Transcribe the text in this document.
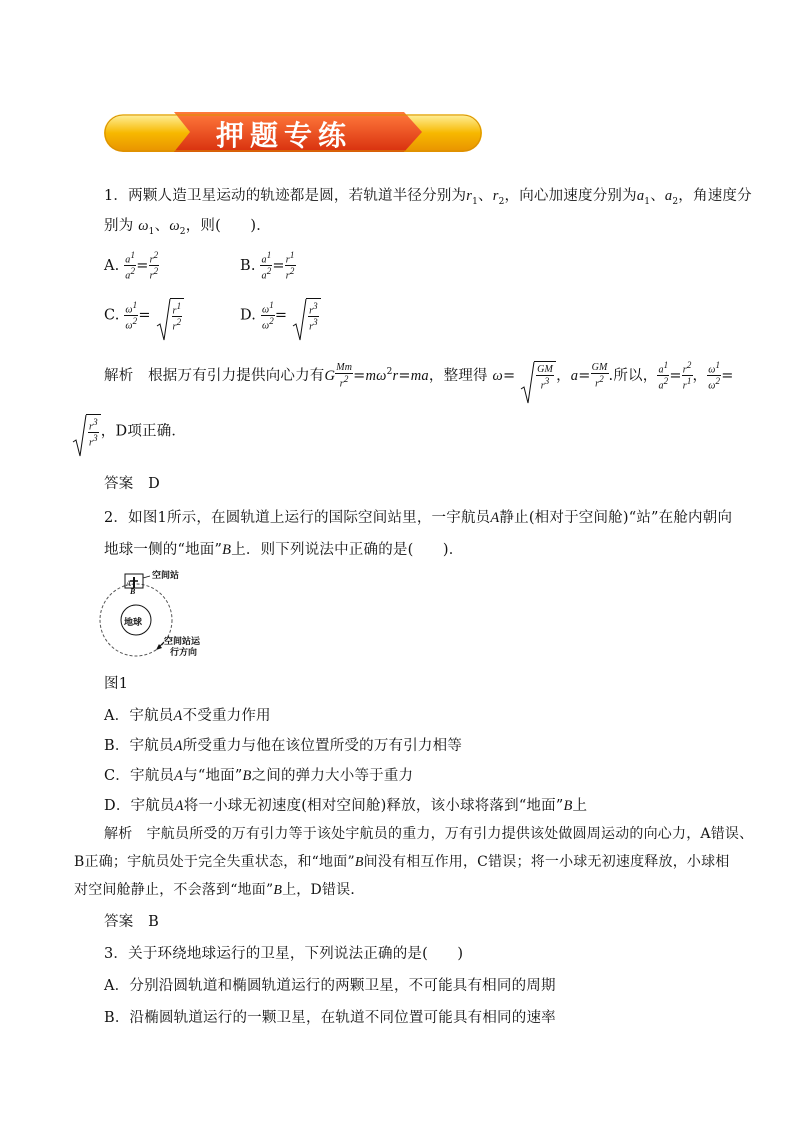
押题专练
1．两颗人造卫星运动的轨迹都是圆，若轨道半径分别为$r_1$、$r_2$，向心加速度分别为$a_1$、$a_2$，角速度分
别为 $\omega_1$、$\omega_2$，则(　　)．
A. $\frac{a^1}{a^2} = \frac{r^2}{r^2}$	B. $\frac{a^1}{a^2} = \frac{r^1}{r^2}$
C. $\frac{\omega^1}{\omega^2} = \frac{r^1}{r^2}$	D. $\frac{\omega^1}{\omega^2} = \frac{r^3}{r^3}$
解析　 根据万有引力提供向心力有G $\frac{Mm}{r^2} =m\omega^2r=ma$，整理得 $\omega= \frac{GM}{r^3}$ ，$a= \frac{GM}{r^2}$ .所以， $\frac{a^1}{a^2} = \frac{r^2}{r^1}$ ， $\frac{\omega^1}{\omega^2}$ =
$\frac{r^3}{r^3}$ ，D项正确．
答案　D
2．如图1所示，在圆轨道上运行的国际空间站里，一宇航员A静止(相对于空间舱)“站”在舱内朝向
地球一侧的“地面”B上．则下列说法中正确的是(　　)．
空间站
A
B
地球
空间站运
行方向
图1
A．宇航员A不受重力作用
B．宇航员A所受重力与他在该位置所受的万有引力相等
C．宇航员A与“地面”B之间的弹力大小等于重力
D．宇航员A将一小球无初速度(相对空间舱)释放，该小球将落到“地面”B上
解析　宇航员所受的万有引力等于该处宇航员的重力，万有引力提供该处做圆周运动的向心力，A错误、
B正确；宇航员处于完全失重状态，和“地面”B间没有相互作用，C错误；将一小球无初速度释放，小球相
对空间舱静止，不会落到“地面”B上，D错误．
答案　B
3．关于环绕地球运行的卫星，下列说法正确的是(　　)
A．分别沿圆轨道和椭圆轨道运行的两颗卫星，不可能具有相同的周期
B．沿椭圆轨道运行的一颗卫星，在轨道不同位置可能具有相同的速率
